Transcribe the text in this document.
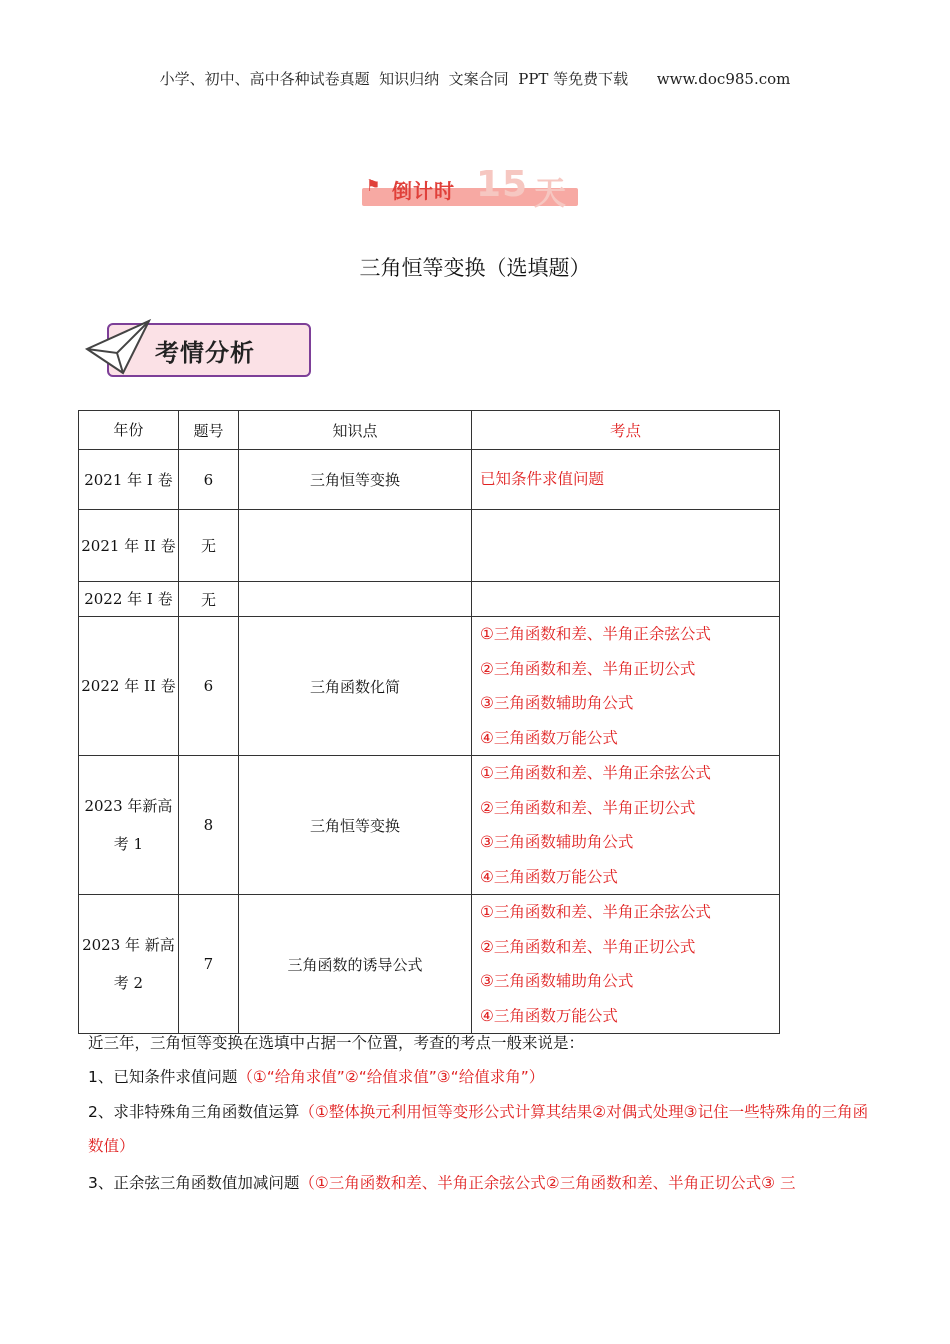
小学、初中、高中各种试卷真题  知识归纳  文案合同  PPT 等免费下载      www.doc985.com
⚑ 倒计时 15 天
三角恒等变换（选填题）
考情分析
年份	题号	知识点	考点
2021 年 I 卷	6	三角恒等变换	已知条件求值问题

2021 年 II 卷	无		
2022 年 I 卷	无		
2022 年 II 卷	6	三角函数化简	①三角函数和差、半角正余弦公式
②三角函数和差、半角正切公式
③三角函数辅助角公式
④三角函数万能公式

2023 年新高考 1	8	三角恒等变换	①三角函数和差、半角正余弦公式
②三角函数和差、半角正切公式
③三角函数辅助角公式
④三角函数万能公式

2023 年 新高考 2	7	三角函数的诱导公式	①三角函数和差、半角正余弦公式
②三角函数和差、半角正切公式
③三角函数辅助角公式
④三角函数万能公式
近三年，三角恒等变换在选填中占据一个位置，考查的考点一般来说是：
1、已知条件求值问题（①“给角求值”②“给值求值”③“给值求角”）
2、求非特殊角三角函数值运算（①整体换元利用恒等变形公式计算其结果②对偶式处理③记住一些特殊角的三角函数值）
3、正余弦三角函数值加减问题（①三角函数和差、半角正余弦公式②三角函数和差、半角正切公式③ 三
